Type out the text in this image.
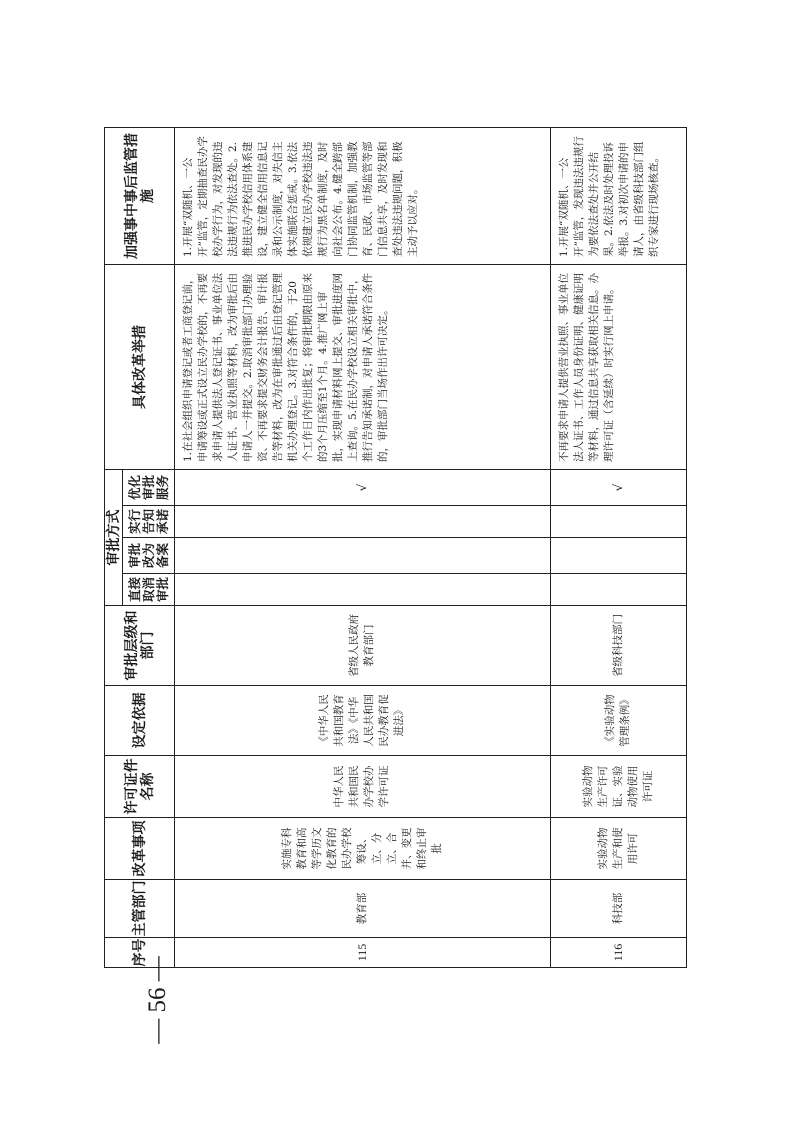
— 56 —
序号	主管部门	改革事项	许可证件名称	设定依据	审批层级和部门	审批方式				具体改革举措	加强事中事后监管措施
						直接取消审批	审批改为备案	实行告知承诺	优化审批服务		
115	教育部	实施专科教育和高等学历文化教育的民办学校筹设、立、分立、合并、变更和终止审批	中华人民共和国民办学校办学许可证	《中华人民共和国教育法》《中华人民共和国民办教育促进法》	省级人民政府教育部门				√	1.在社会组织申请登记或者工商登记前，申请筹设或正式设立民办学校的，不再要求申请人提供法人登记证书、事业单位法人证书、营业执照等材料，改为审批后由申请人一并提交。2.取消审批部门办理验资、不再要求提交财务会计报告、审计报告等材料，改为在审批通过后由登记管理机关办理登记。3.对符合条件的，于20个工作日内作出批复；将审批期限由原来的3个月压缩至1个月。4.推广网上审批，实现申请材料网上提交、审批进度网上查询。5.在民办学校设立相关审批中，推行告知承诺制，对申请人承诺符合条件的，审批部门当场作出许可决定。	1.开展“双随机、一公开”监管，定期抽查民办学校办学行为，对发现的违法违规行为依法查处。2.推进民办学校信用体系建设，建立健全信用信息记录和公示制度，对失信主体实施联合惩戒。3.依法依规建立民办学校违法违规行为黑名单制度，及时向社会公布。4.健全跨部门协同监管机制，加强教育、民政、市场监管等部门信息共享，及时发现和查处违法违规问题，积极主动予以应对。
116	科技部	实验动物生产和使用许可	实验动物生产许可证、实验动物使用许可证	《实验动物管理条例》	省级科技部门				√	不再要求申请人提供营业执照、事业单位法人证书、工作人员身份证明、健康证明等材料，通过信息共享获取相关信息。办理许可证（含延续）时实行网上申请。	1.开展“双随机、一公开”监管，发现违法违规行为要依法查处并公开结果。2.依法及时处理投诉举报。3.对初次申请的申请人，由省级科技部门组织专家进行现场核查。
